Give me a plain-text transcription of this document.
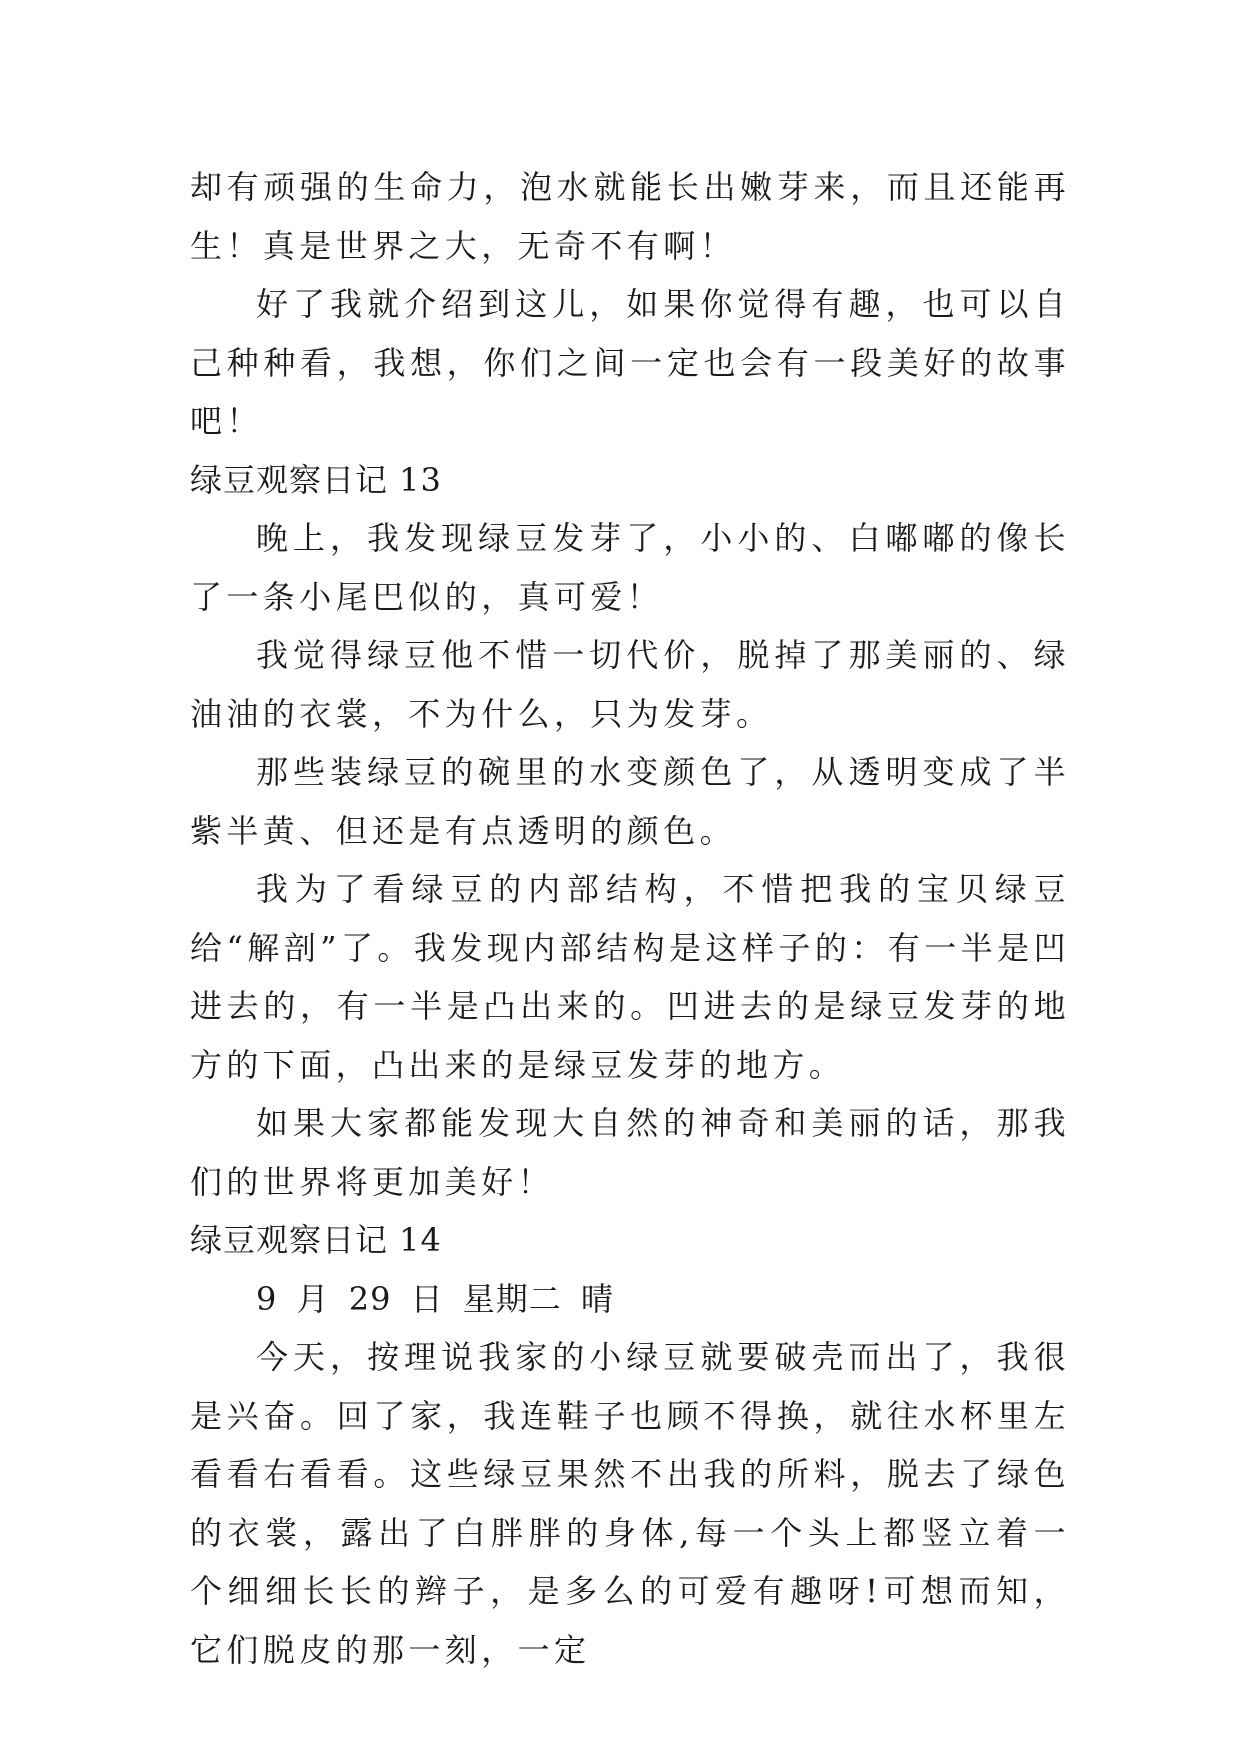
却有顽强的生命力，泡水就能长出嫩芽来，而且还能再生！真是世界之大，无奇不有啊！

好了我就介绍到这儿，如果你觉得有趣，也可以自己种种看，我想，你们之间一定也会有一段美好的故事吧！

绿豆观察日记 13

晚上，我发现绿豆发芽了，小小的、白嘟嘟的像长了一条小尾巴似的，真可爱！

我觉得绿豆他不惜一切代价，脱掉了那美丽的、绿油油的衣裳，不为什么，只为发芽。

那些装绿豆的碗里的水变颜色了，从透明变成了半紫半黄、但还是有点透明的颜色。

我为了看绿豆的内部结构，不惜把我的宝贝绿豆给“解剖”了。我发现内部结构是这样子的：有一半是凹进去的，有一半是凸出来的。凹进去的是绿豆发芽的地方的下面，凸出来的是绿豆发芽的地方。

如果大家都能发现大自然的神奇和美丽的话，那我们的世界将更加美好！

绿豆观察日记 14

9 月 29 日 星期二 晴

今天，按理说我家的小绿豆就要破壳而出了，我很是兴奋。回了家，我连鞋子也顾不得换，就往水杯里左看看右看看。这些绿豆果然不出我的所料，脱去了绿色的衣裳，露出了白胖胖的身体,每一个头上都竖立着一个细细长长的辫子，是多么的可爱有趣呀!可想而知，它们脱皮的那一刻，一定
